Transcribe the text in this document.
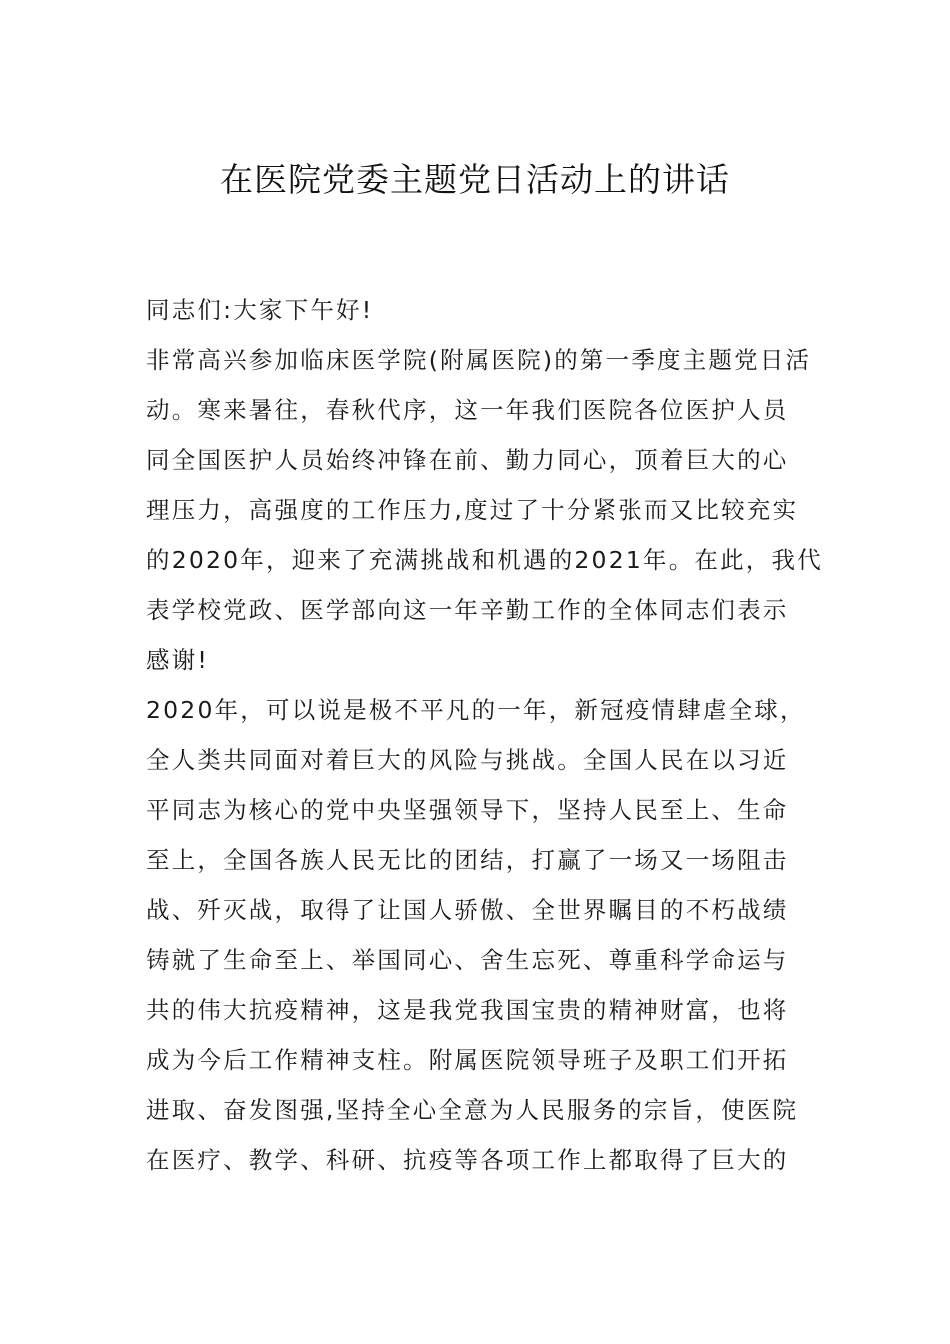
在医院党委主题党日活动上的讲话
同志们:大家下午好!
非常高兴参加临床医学院(附属医院)的第一季度主题党日活
动。寒来暑往，春秋代序，这一年我们医院各位医护人员
同全国医护人员始终冲锋在前、勤力同心，顶着巨大的心
理压力，高强度的工作压力,度过了十分紧张而又比较充实
的2020年，迎来了充满挑战和机遇的2021年。在此，我代
表学校党政、医学部向这一年辛勤工作的全体同志们表示
感谢!
2020年，可以说是极不平凡的一年，新冠疫情肆虐全球，
全人类共同面对着巨大的风险与挑战。全国人民在以习近
平同志为核心的党中央坚强领导下，坚持人民至上、生命
至上，全国各族人民无比的团结，打赢了一场又一场阻击
战、歼灭战，取得了让国人骄傲、全世界瞩目的不朽战绩
铸就了生命至上、举国同心、舍生忘死、尊重科学命运与
共的伟大抗疫精神，这是我党我国宝贵的精神财富，也将
成为今后工作精神支柱。附属医院领导班子及职工们开拓
进取、奋发图强,坚持全心全意为人民服务的宗旨，使医院
在医疗、教学、科研、抗疫等各项工作上都取得了巨大的
